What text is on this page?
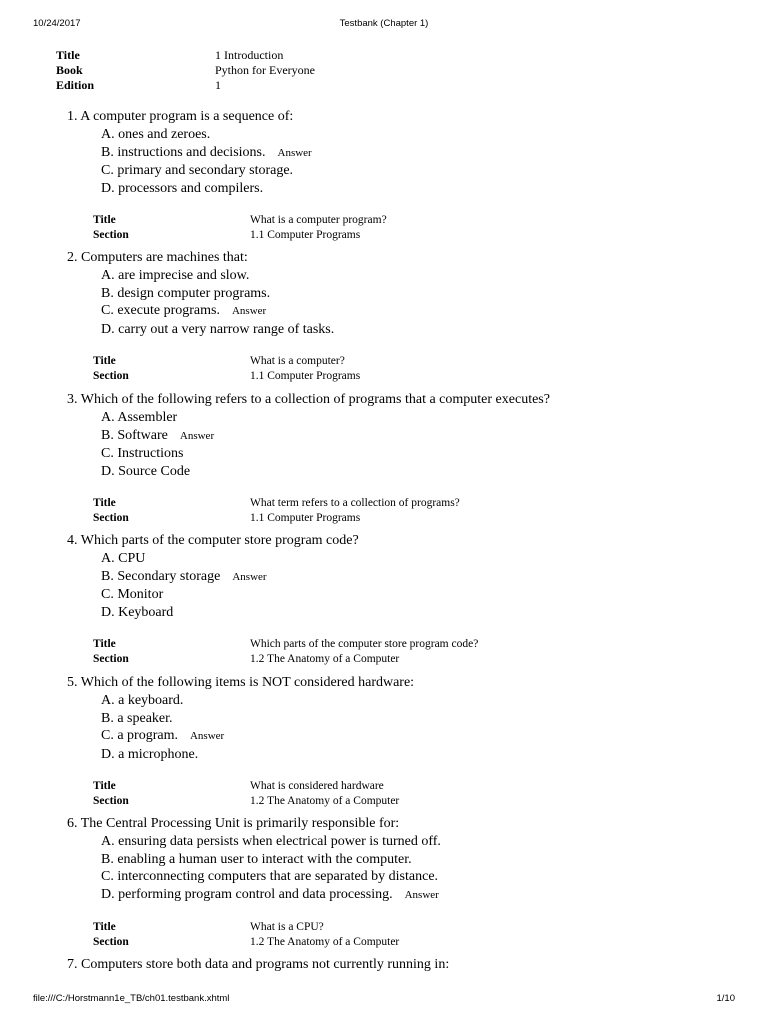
10/24/2017	Testbank (Chapter 1)
Title	1 Introduction
Book	Python for Everyone
Edition	1
1. A computer program is a sequence of:
A. ones and zeroes.
B. instructions and decisions. Answer
C. primary and secondary storage.
D. processors and compilers.
Title	What is a computer program?
Section	1.1 Computer Programs
2. Computers are machines that:
A. are imprecise and slow.
B. design computer programs.
C. execute programs. Answer
D. carry out a very narrow range of tasks.
Title	What is a computer?
Section	1.1 Computer Programs
3. Which of the following refers to a collection of programs that a computer executes?
A. Assembler
B. Software Answer
C. Instructions
D. Source Code
Title	What term refers to a collection of programs?
Section	1.1 Computer Programs
4. Which parts of the computer store program code?
A. CPU
B. Secondary storage Answer
C. Monitor
D. Keyboard
Title	Which parts of the computer store program code?
Section	1.2 The Anatomy of a Computer
5. Which of the following items is NOT considered hardware:
A. a keyboard.
B. a speaker.
C. a program. Answer
D. a microphone.
Title	What is considered hardware
Section	1.2 The Anatomy of a Computer
6. The Central Processing Unit is primarily responsible for:
A. ensuring data persists when electrical power is turned off.
B. enabling a human user to interact with the computer.
C. interconnecting computers that are separated by distance.
D. performing program control and data processing. Answer
Title	What is a CPU?
Section	1.2 The Anatomy of a Computer
7. Computers store both data and programs not currently running in:
file:///C:/Horstmann1e_TB/ch01.testbank.xhtml	1/10
